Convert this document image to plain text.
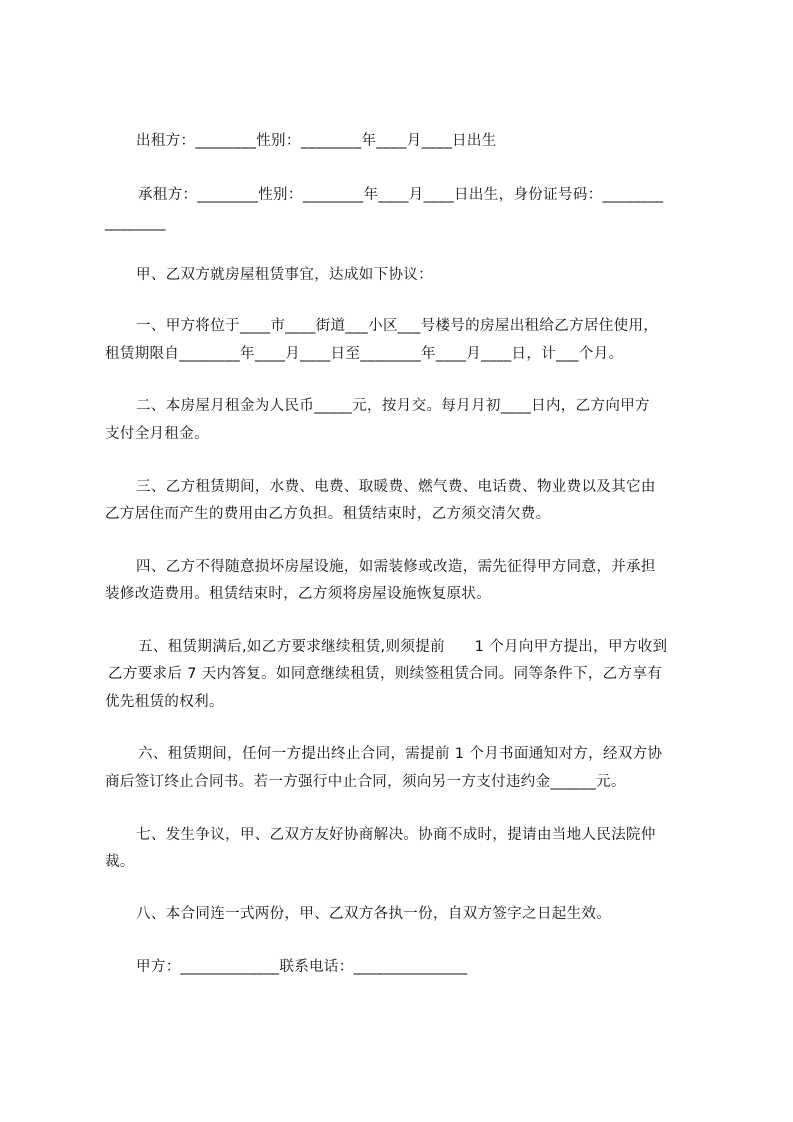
出租方：________性别：________年____月____日出生
承租方：________性别：________年____月____日出生，身份证号码：________
________
甲、乙双方就房屋租赁事宜，达成如下协议：
一、甲方将位于____市____街道___小区___号楼号的房屋出租给乙方居住使用，
租赁期限自________年____月____日至________年____月____日，计___个月。
二、本房屋月租金为人民币_____元，按月交。每月月初____日内，乙方向甲方
支付全月租金。
三、乙方租赁期间，水费、电费、取暖费、燃气费、电话费、物业费以及其它由
乙方居住而产生的费用由乙方负担。租赁结束时，乙方须交清欠费。
四、乙方不得随意损坏房屋设施，如需装修或改造，需先征得甲方同意，并承担
装修改造费用。租赁结束时，乙方须将房屋设施恢复原状。
五、租赁期满后,如乙方要求继续租赁,则须提前      1 个月向甲方提出，甲方收到
乙方要求后 7 天内答复。如同意继续租赁，则续签租赁合同。同等条件下，乙方享有
优先租赁的权利。
六、租赁期间，任何一方提出终止合同，需提前 1 个月书面通知对方，经双方协
商后签订终止合同书。若一方强行中止合同，须向另一方支付违约金______元。
七、发生争议，甲、乙双方友好协商解决。协商不成时，提请由当地人民法院仲
裁。
八、本合同连一式两份，甲、乙双方各执一份，自双方签字之日起生效。
甲方：_____________联系电话：_______________
